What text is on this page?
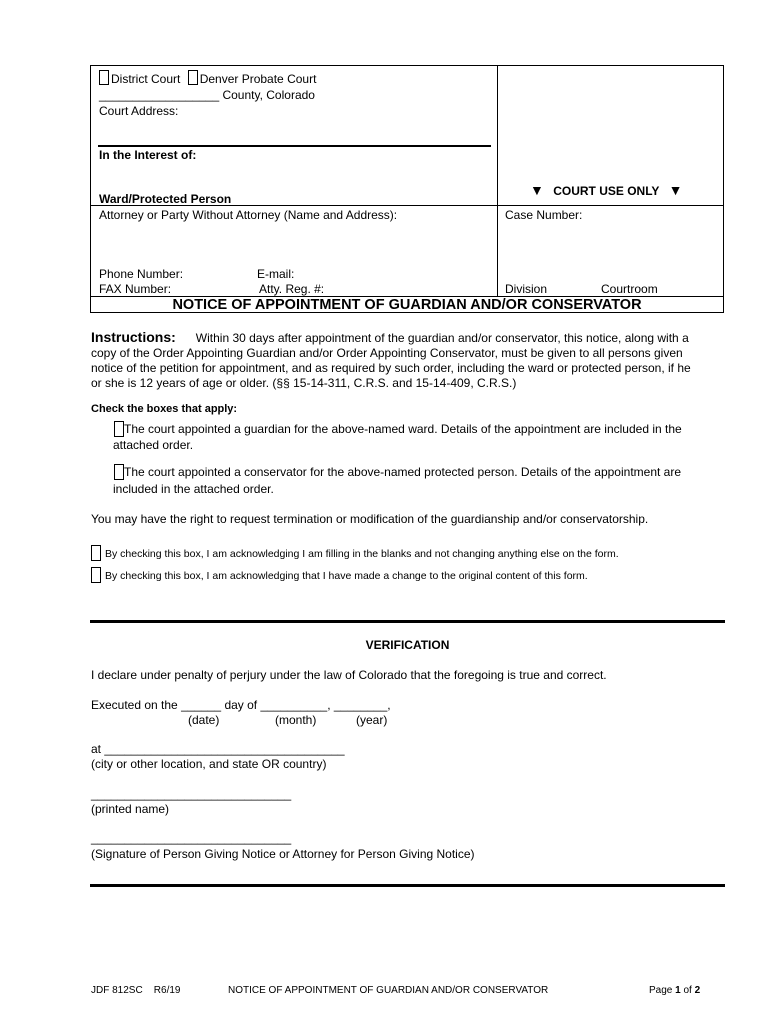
District Court Denver Probate Court
__________________ County, Colorado
Court Address:
In the Interest of:
Ward/Protected Person
▼ COURT USE ONLY ▼
Attorney or Party Without Attorney (Name and Address):	Case Number:
Phone Number:	E-mail:
FAX Number:	Atty. Reg. #:	Division	Courtroom
NOTICE OF APPOINTMENT OF GUARDIAN AND/OR CONSERVATOR
Instructions: Within 30 days after appointment of the guardian and/or conservator, this notice, along with a
copy of the Order Appointing Guardian and/or Order Appointing Conservator, must be given to all persons given
notice of the petition for appointment, and as required by such order, including the ward or protected person, if he
or she is 12 years of age or older. (§§ 15-14-311, C.R.S. and 15-14-409, C.R.S.)
Check the boxes that apply:
The court appointed a guardian for the above-named ward. Details of the appointment are included in the
attached order.
The court appointed a conservator for the above-named protected person. Details of the appointment are
included in the attached order.
You may have the right to request termination or modification of the guardianship and/or conservatorship.
By checking this box, I am acknowledging I am filling in the blanks and not changing anything else on the form.
By checking this box, I am acknowledging that I have made a change to the original content of this form.
VERIFICATION
I declare under penalty of perjury under the law of Colorado that the foregoing is true and correct.
Executed on the ______ day of __________, ________,
(date)	(month)	(year)
at ____________________________________
(city or other location, and state OR country)
______________________________
(printed name)
______________________________
(Signature of Person Giving Notice or Attorney for Person Giving Notice)
JDF 812SC    R6/19	NOTICE OF APPOINTMENT OF GUARDIAN AND/OR CONSERVATOR	Page 1 of 2
